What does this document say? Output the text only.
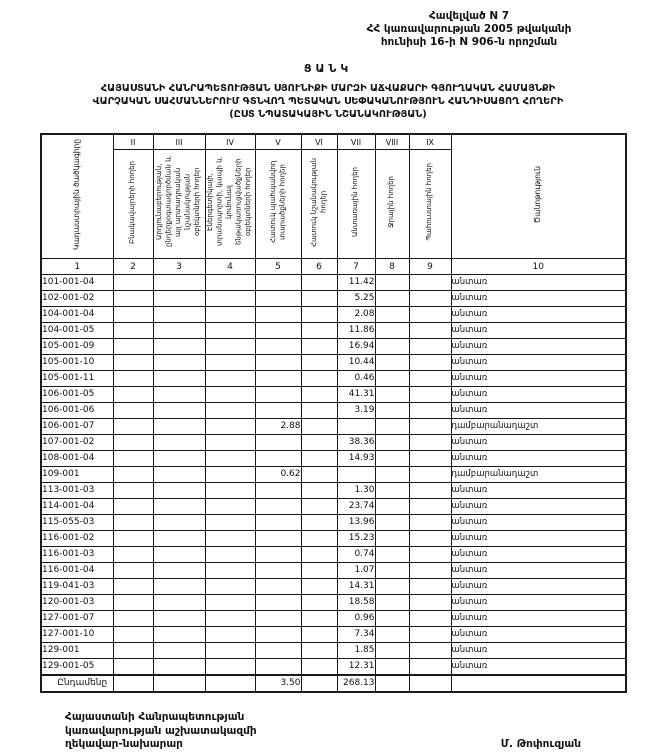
Հավելված N 7
ՀՀ կառավարության 2005 թվականի
հունիսի 16-ի N 906-ն որոշման
ՑԱՆԿ
ՀԱՅԱՍՏԱՆԻ ՀԱՆՐԱՊԵՏՈՒԹՅԱՆ ՍՅՈՒՆԻՔԻ ՄԱՐԶԻ ԱՃՎԱՔԱՐԻ ԳՅՈՒՂԱԿԱՆ ՀԱՄԱՅՆՔԻ
ՎԱՐՉԱԿԱՆ ՍԱՀՄԱՆՆԵՐՈՒՄ ԳՏՆՎՈՂ ՊԵՏԱԿԱՆ ՍԵՓԱԿԱՆՈՒԹՅՈՒՆ ՀԱՆԴԻՍԱՑՈՂ ՀՈՂԵՐԻ
(ԸՍՏ ՆՊԱՏԱԿԱՅԻՆ ՆՇԱՆԱԿՈՒԹՅԱՆ)
Կադաստրային ծածկագիրը	II	III	IV	V	VI	VII	VIII	IX	Ծանոթություն
	Բնակավայրերի հողեր	Արդյունաբերության, ընդերքօգտագործման և այլ արտադրական նշանակության օբյեկտների հողեր	Էներգետիկայի, տրանսպորտի, կապի և կոմունալ ենթակառուցվածքների օբյեկտների հողեր	Հատուկ պահպանվող տարածքների հողեր	Հատուկ նշանակության հողեր	Անտառային հողեր	Ջրային հողեր	Պահուստային հողեր	
1	2	3	4	5	6	7	8	9	10
101-001-04						11.42			անտառ
102-001-02						5.25			անտառ
104-001-04						2.08			անտառ
104-001-05						11.86			անտառ
105-001-09						16.94			անտառ
105-001-10						10.44			անտառ
105-001-11						0.46			անտառ
106-001-05						41.31			անտառ
106-001-06						3.19			անտառ
106-001-07				2.88					դամբարանադաշտ
107-001-02						38.36			անտառ
108-001-04						14.93			անտառ
109-001				0.62					դամբարանադաշտ
113-001-03						1.30			անտառ
114-001-04						23.74			անտառ
115-055-03						13.96			անտառ
116-001-02						15.23			անտառ
116-001-03						0.74			անտառ
116-001-04						1.07			անտառ
119-041-03						14.31			անտառ
120-001-03						18.58			անտառ
127-001-07						0.96			անտառ
127-001-10						7.34			անտառ
129-001						1.85			անտառ
129-001-05						12.31			անտառ
Ընդամենը				3.50		268.13			
Հայաստանի Հանրապետության
կառավարության աշխատակազմի
ղեկավար-նախարար	Մ. Թոփուզյան
